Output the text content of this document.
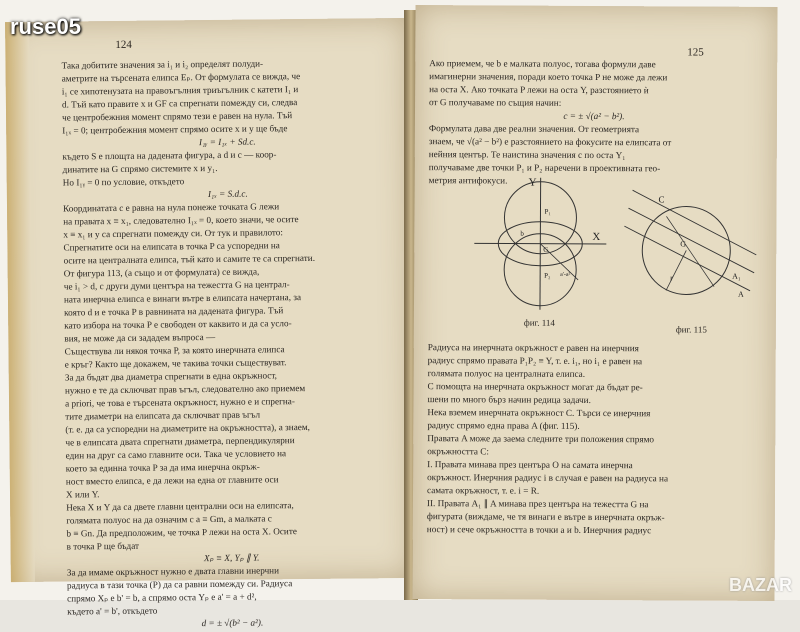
124

Така добитите значения за i₁ и i₂ определят полуди-

аметрите на търсената елипса Eₚ. От формулата се вижда, че

i₁ се хипотенузата на правоъгълния триъгълник с катети I₁ и

d. Тъй като правите x и GF са спрегнати помежду си, следва

че центробежния момент спрямо тези е равен на нула. Тъй

I₁ₓ = 0; центробежния момент спрямо осите x и y ще бъде

I₁ᵧ = I₁ₓ + Sd.c.

където S е площта на дадената фигура, а d и c — коор-

динатите на G спрямо системите x и y₁.

Но I₁ᵧ = 0 по условие, откъдето

I₁ₓ = S.d.c.

Координатата c е равна на нула понеже точката G лежи

на правата x ≡ x₁, следователно I₁ₓ = 0, което значи, че осите

x ≡ x₁ и y са спрегнати помежду си. От тук и правилото:

Спрегнатите оси на елипсата в точка P са успоредни на

осите на централната елипса, тъй като и самите те са спрегнати.

От фигура 113, (а също и от формулата) се вижда,

че i₁ > d, с други думи центъра на тежестта G на централ-

ната инерчна елипса е винаги вътре в елипсата начертана, за

която d и е точка P в равнината на дадената фигура. Тъй

като избора на точка P е свободен от каквито и да са усло-

вия, не може да си зададем въпроса —

Съществува ли някоя точка P, за която инерчната елипса

е кръг? Както ще докажем, че такива точки съществуват.

За да бъдат два диаметра спрегнати в една окръжност,

нужно е те да сключват прав ъгъл, следователно ако приемем

a priori, че това е търсената окръжност, нужно е и спрегна-

тите диаметри на елипсата да сключват прав ъгъл

(т. е. да са успоредни на диаметрите на окръжността), а знаем,

че в елипсата двата спрегнати диаметра, перпендикулярни

един на друг са само главните оси. Така че условието на

което за единна точка P за да има инерчна окръж-

ност вместо елипса, е да лежи на една от главните оси

X или Y.

Нека X и Y да са двете главни централни оси на елипсата,

голямата полуос на да означим с a ≡ Gm, а малката с

b ≡ Gn. Да предположим, че точка P лежи на оста X. Осите

в точка P ще бъдат

Xₚ ≡ X, Yₚ ∥ Y.

За да имаме окръжност нужно е двата главни инерчни

радиуса в тази точка (P) да са равни помежду си. Радиуса

спрямо Xₚ е b' = b, а спрямо оста Yₚ е a' = a + d²,

където a' = b', откъдето

d = ± √(b² − a²).

125

Ако приемем, че b е малката полуос, тогава формули даве

имагинерни значения, поради което точка P не може да лежи

на оста X. Ако точката P лежи на оста Y, разстоянието ѝ

от G получаваме по същия начин:

c = ± √(a² − b²).

Формулата дава две реални значения. От геометрията

знаем, че √(a² − b²) е разстоянието на фокусите на елипсата от

нейния център. Те наистина значения c по оста Y₁

получаваме две точки P₁ и P₂ наречени в проективната гео-

метрия антифокуси.	Y
X
P₁
P₂
G
a'-a²
b
фиг. 114
C
G
A₁
A
r
фиг. 115

Радиуса на инерчната окръжност е равен на инерчния

радиус спрямо правата P₁P₂ ≡ Y, т. е. i₁, но i₁ е равен на

голямата полуос на централната елипса.

С помощта на инерчната окръжност могат да бъдат ре-

шени по много бърз начин редица задачи.

Нека вземем инерчната окръжност C. Търси се инерчния

радиус спрямо една права A (фиг. 115).

Правата A може да заема следните три положения спрямо

окръжността C:

I. Правата минава през центъра O на самата инерчна

окръжност. Инерчния радиус i в случая е равен на радиуса на

самата окръжност, т. е. i = R.

II. Правата A₁ ∥ A минава през центъра на тежестта G на

фигурата (виждаме, че тя винаги е вътре в инерчната окръж-

ност) и сече окръжността в точки a и b. Инерчния радиус

ruse05
BAZAR
